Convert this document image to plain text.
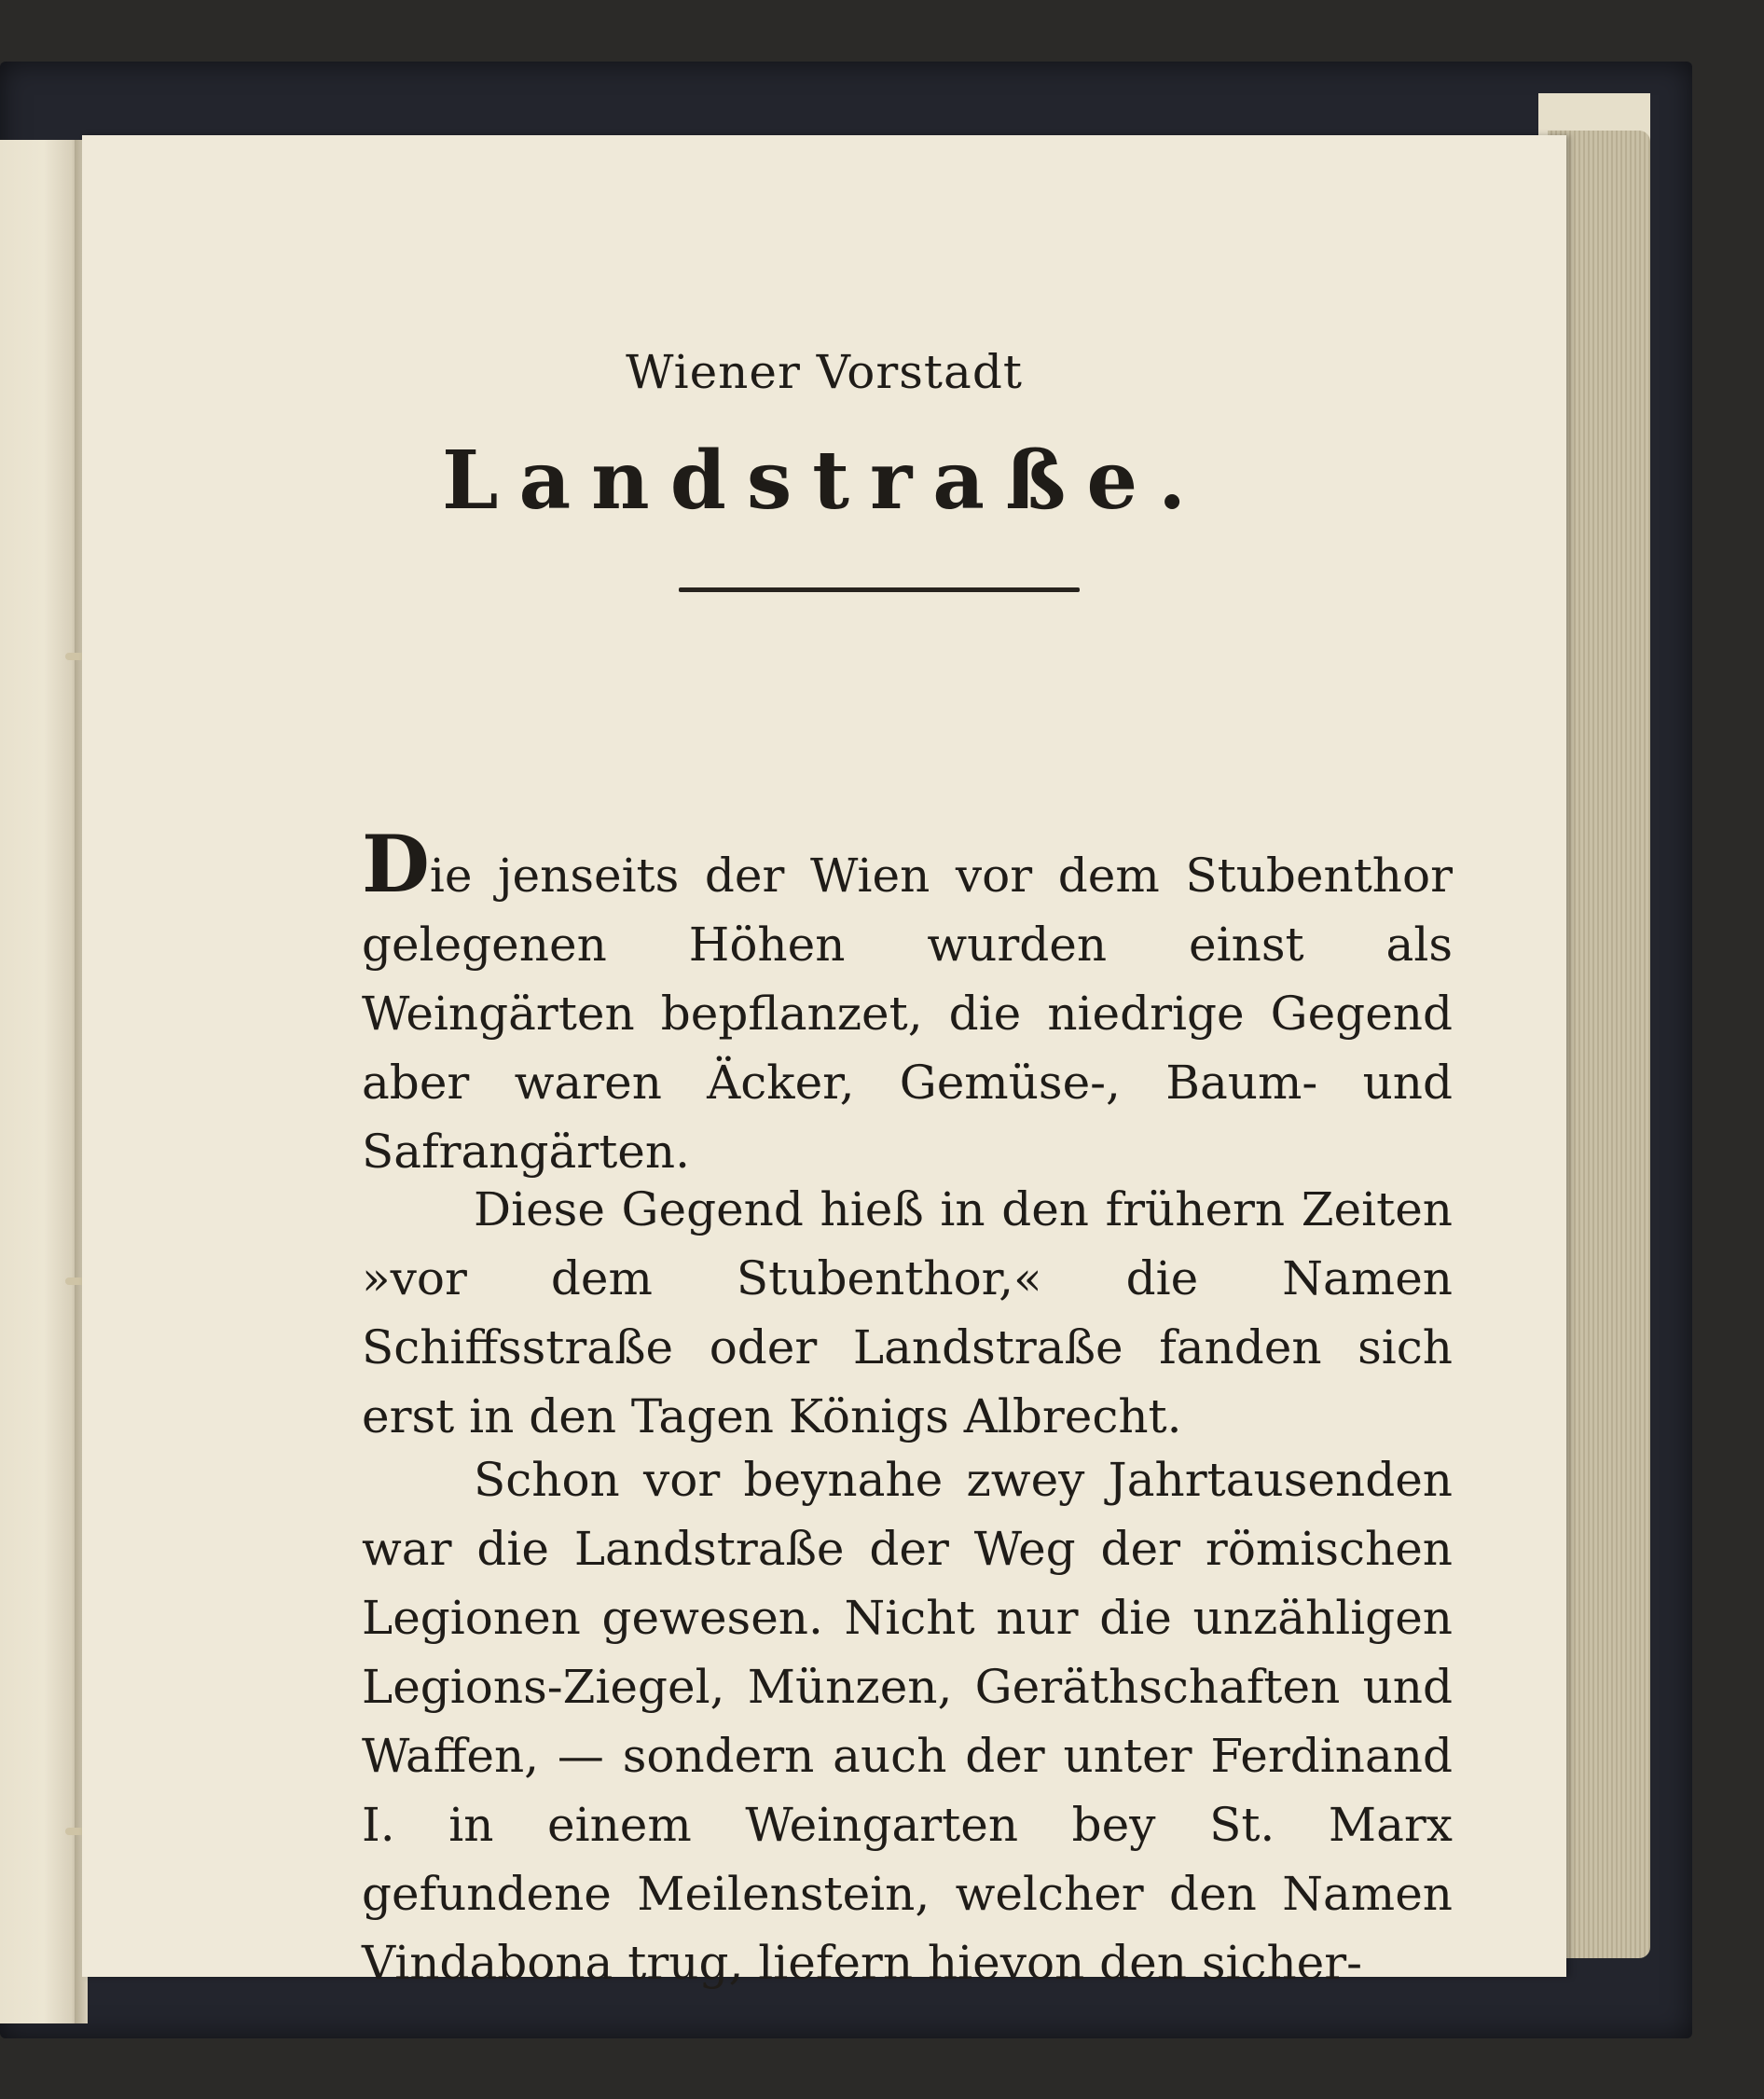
Wiener Vorstadt
Landstraße.

Die jenseits der Wien vor dem Stubenthor gelegenen Höhen wurden einst als Weingärten bepflanzet, die niedrige Gegend aber waren Äcker, Gemüse-, Baum- und Safrangärten.

Diese Gegend hieß in den frühern Zeiten »vor dem Stubenthor,« die Namen Schiffsstraße oder Landstraße fanden sich erst in den Tagen Königs Albrecht.

Schon vor beynahe zwey Jahrtausenden war die Landstraße der Weg der römischen Legionen gewesen. Nicht nur die unzähligen Legions-Ziegel, Münzen, Geräthschaften und Waffen, — sondern auch der unter Ferdinand I. in einem Weingarten bey St. Marx gefundene Meilenstein, welcher den Namen Vindabona trug, liefern hievon den sicher-
